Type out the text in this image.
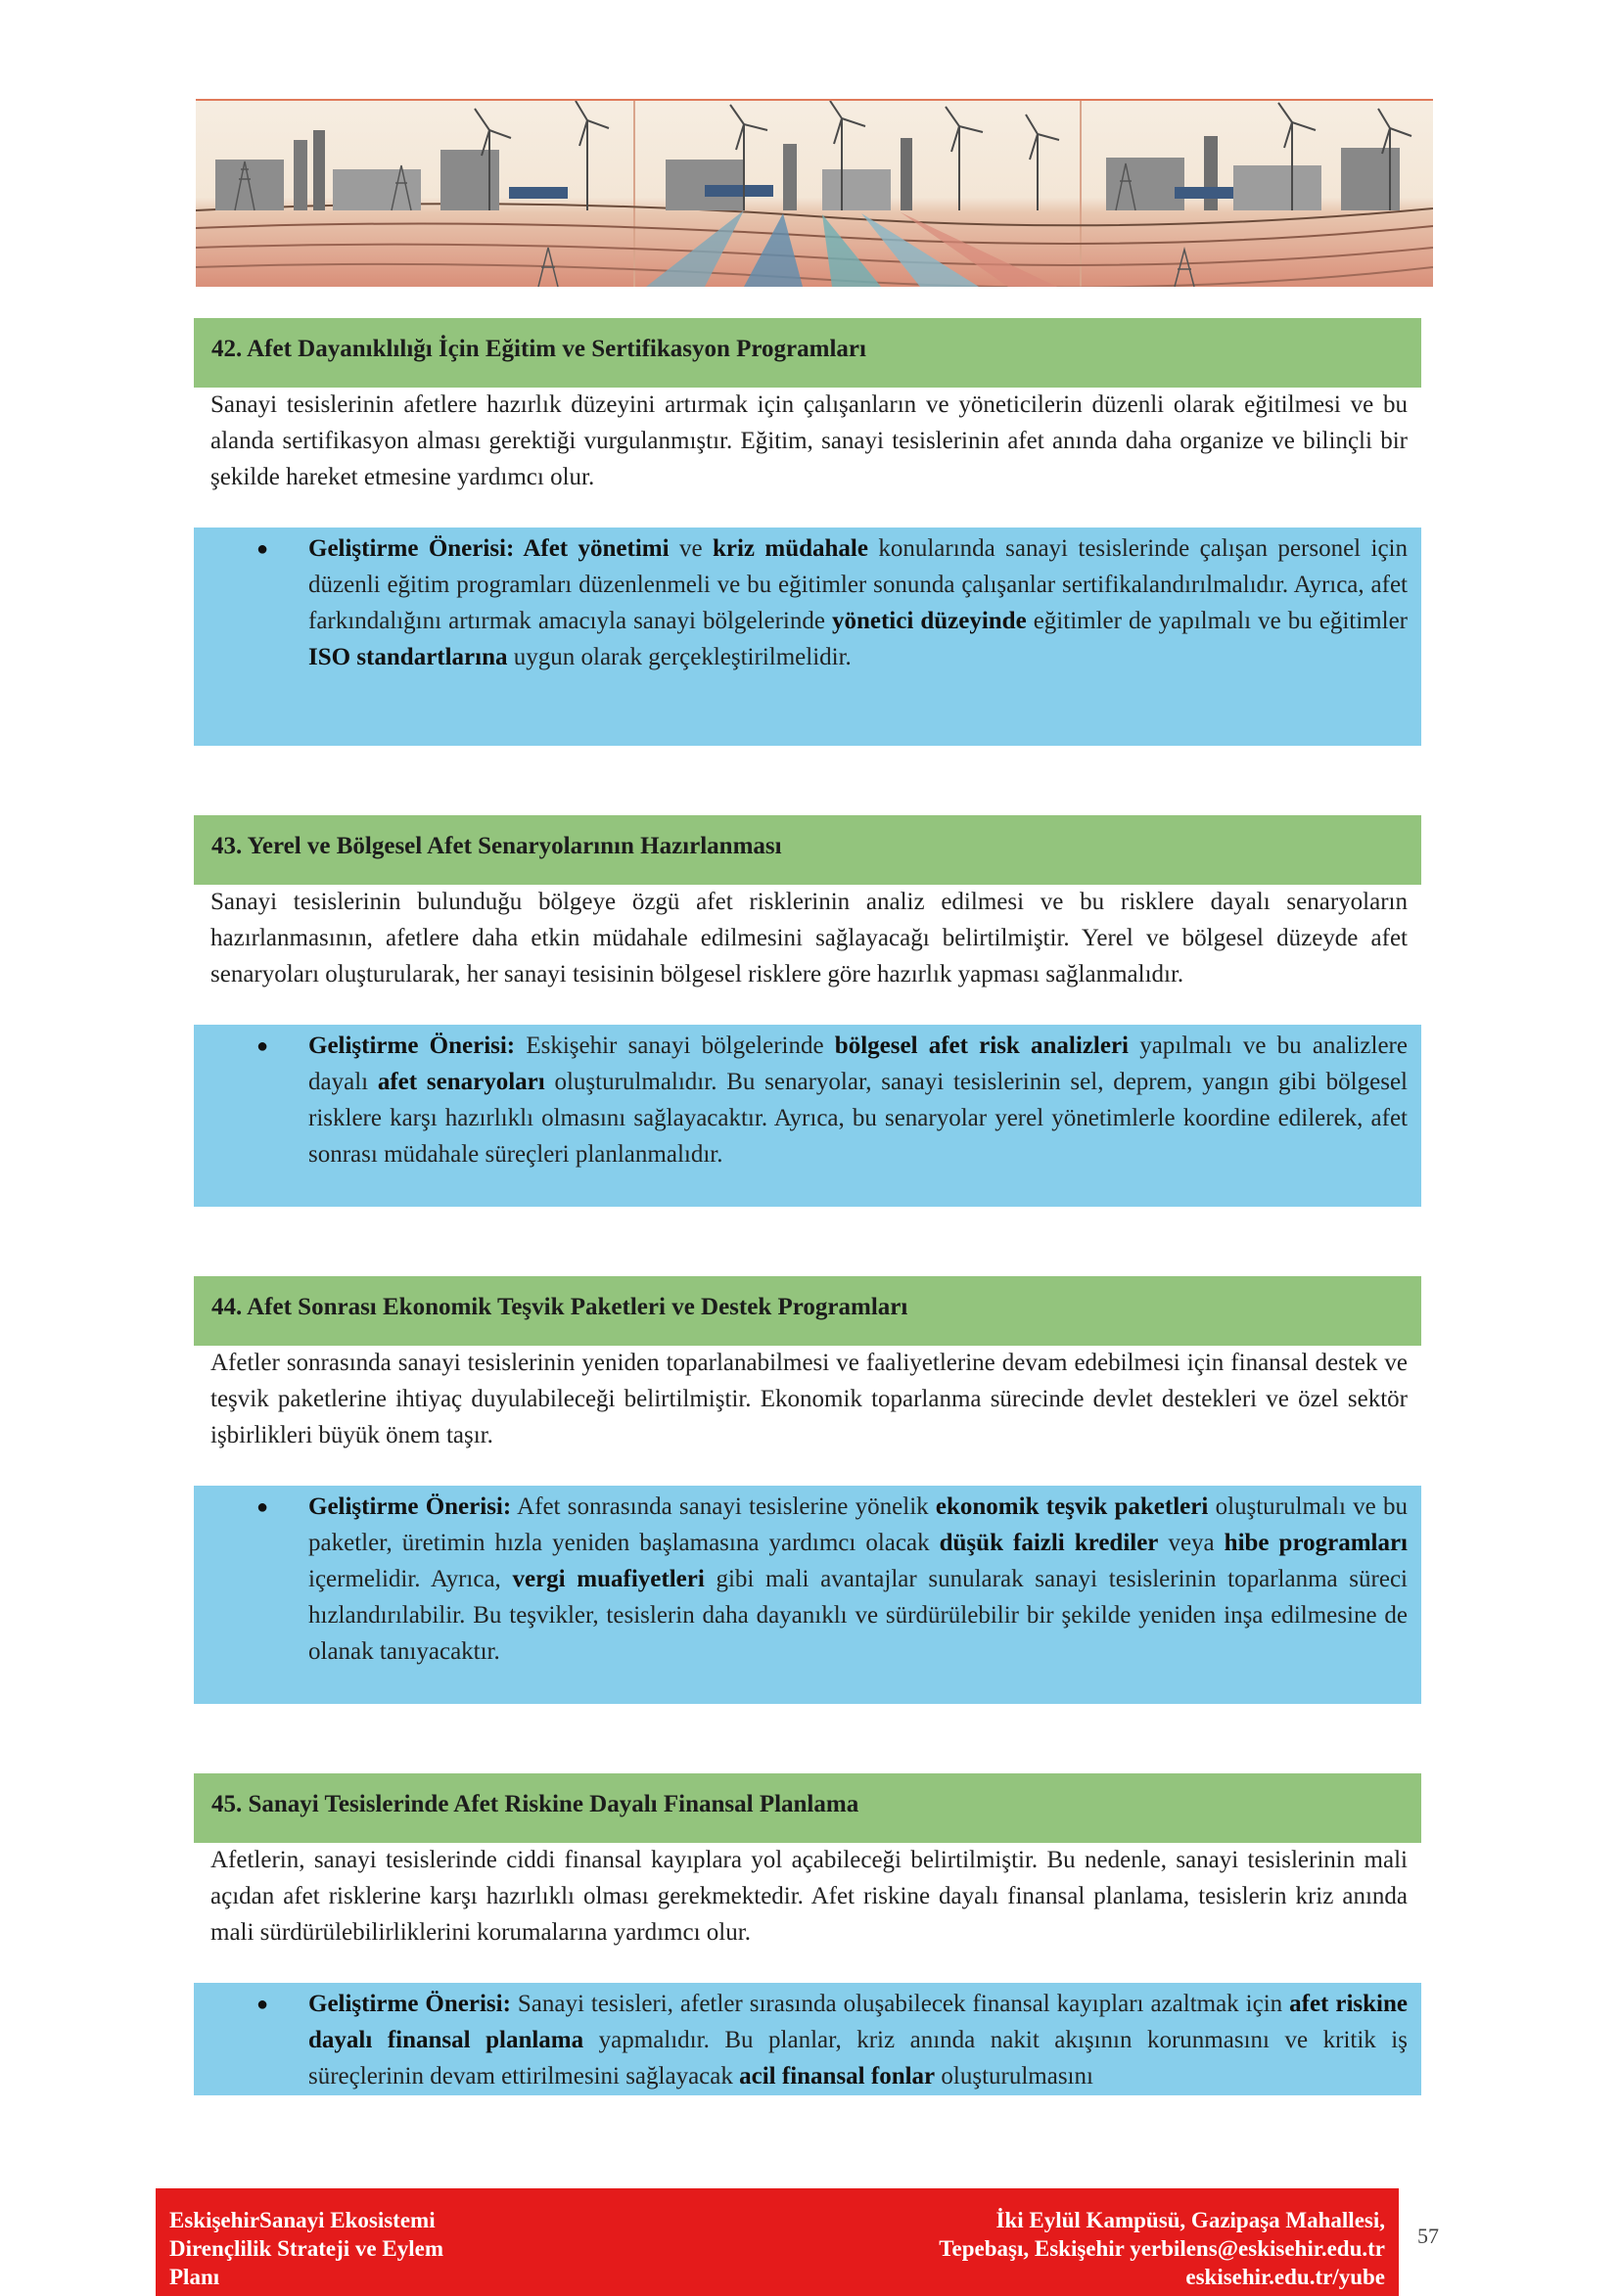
42. Afet Dayanıklılığı İçin Eğitim ve Sertifikasyon Programları
Sanayi tesislerinin afetlere hazırlık düzeyini artırmak için çalışanların ve yöneticilerin düzenli olarak eğitilmesi ve bu alanda sertifikasyon alması gerektiği vurgulanmıştır. Eğitim, sanayi tesislerinin afet anında daha organize ve bilinçli bir şekilde hareket etmesine yardımcı olur.
● Geliştirme Önerisi: Afet yönetimi ve kriz müdahale konularında sanayi tesislerinde çalışan personel için düzenli eğitim programları düzenlenmeli ve bu eğitimler sonunda çalışanlar sertifikalandırılmalıdır. Ayrıca, afet farkındalığını artırmak amacıyla sanayi bölgelerinde yönetici düzeyinde eğitimler de yapılmalı ve bu eğitimler ISO standartlarına uygun olarak gerçekleştirilmelidir.
43. Yerel ve Bölgesel Afet Senaryolarının Hazırlanması
Sanayi tesislerinin bulunduğu bölgeye özgü afet risklerinin analiz edilmesi ve bu risklere dayalı senaryoların hazırlanmasının, afetlere daha etkin müdahale edilmesini sağlayacağı belirtilmiştir. Yerel ve bölgesel düzeyde afet senaryoları oluşturularak, her sanayi tesisinin bölgesel risklere göre hazırlık yapması sağlanmalıdır.
● Geliştirme Önerisi: Eskişehir sanayi bölgelerinde bölgesel afet risk analizleri yapılmalı ve bu analizlere dayalı afet senaryoları oluşturulmalıdır. Bu senaryolar, sanayi tesislerinin sel, deprem, yangın gibi bölgesel risklere karşı hazırlıklı olmasını sağlayacaktır. Ayrıca, bu senaryolar yerel yönetimlerle koordine edilerek, afet sonrası müdahale süreçleri planlanmalıdır.
44. Afet Sonrası Ekonomik Teşvik Paketleri ve Destek Programları
Afetler sonrasında sanayi tesislerinin yeniden toparlanabilmesi ve faaliyetlerine devam edebilmesi için finansal destek ve teşvik paketlerine ihtiyaç duyulabileceği belirtilmiştir. Ekonomik toparlanma sürecinde devlet destekleri ve özel sektör işbirlikleri büyük önem taşır.
● Geliştirme Önerisi: Afet sonrasında sanayi tesislerine yönelik ekonomik teşvik paketleri oluşturulmalı ve bu paketler, üretimin hızla yeniden başlamasına yardımcı olacak düşük faizli krediler veya hibe programları içermelidir. Ayrıca, vergi muafiyetleri gibi mali avantajlar sunularak sanayi tesislerinin toparlanma süreci hızlandırılabilir. Bu teşvikler, tesislerin daha dayanıklı ve sürdürülebilir bir şekilde yeniden inşa edilmesine de olanak tanıyacaktır.
45. Sanayi Tesislerinde Afet Riskine Dayalı Finansal Planlama
Afetlerin, sanayi tesislerinde ciddi finansal kayıplara yol açabileceği belirtilmiştir. Bu nedenle, sanayi tesislerinin mali açıdan afet risklerine karşı hazırlıklı olması gerekmektedir. Afet riskine dayalı finansal planlama, tesislerin kriz anında mali sürdürülebilirliklerini korumalarına yardımcı olur.
● Geliştirme Önerisi: Sanayi tesisleri, afetler sırasında oluşabilecek finansal kayıpları azaltmak için afet riskine dayalı finansal planlama yapmalıdır. Bu planlar, kriz anında nakit akışının korunmasını ve kritik iş süreçlerinin devam ettirilmesini sağlayacak acil finansal fonlar oluşturulmasını
EskişehirSanayi Ekosistemi
Dirençlilik Strateji ve Eylem
Planı
İki Eylül Kampüsü, Gazipaşa Mahallesi,
Tepebaşı, Eskişehir yerbilens@eskisehir.edu.tr
eskisehir.edu.tr/yube
57
